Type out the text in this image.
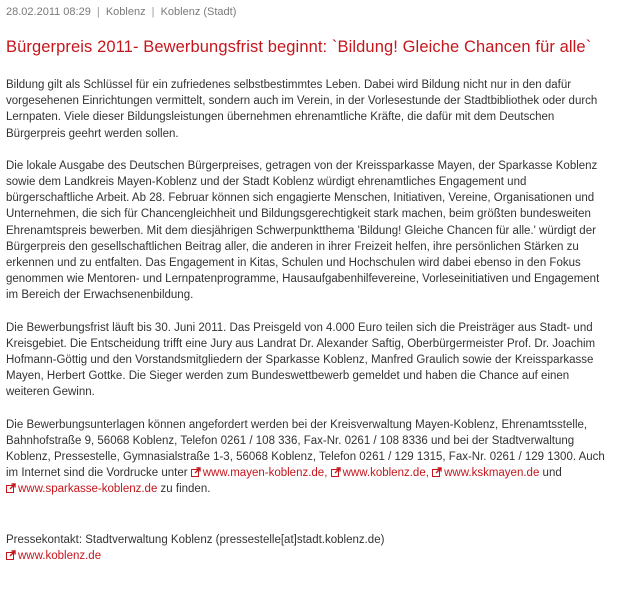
28.02.2011 08:29 | Koblenz | Koblenz (Stadt)
Bürgerpreis 2011- Bewerbungsfrist beginnt: `Bildung! Gleiche Chancen für alle`

Bildung gilt als Schlüssel für ein zufriedenes selbstbestimmtes Leben. Dabei wird Bildung nicht nur in den dafür vorgesehenen Einrichtungen vermittelt, sondern auch im Verein, in der Vorlesestunde der Stadtbibliothek oder durch Lernpaten. Viele dieser Bildungsleistungen übernehmen ehrenamtliche Kräfte, die dafür mit dem Deutschen Bürgerpreis geehrt werden sollen.

Die lokale Ausgabe des Deutschen Bürgerpreises, getragen von der Kreissparkasse Mayen, der Sparkasse Koblenz sowie dem Landkreis Mayen-Koblenz und der Stadt Koblenz würdigt ehrenamtliches Engagement und bürgerschaftliche Arbeit. Ab 28. Februar können sich engagierte Menschen, Initiativen, Vereine, Organisationen und Unternehmen, die sich für Chancengleichheit und Bildungsgerechtigkeit stark machen, beim größten bundesweiten Ehrenamtspreis bewerben. Mit dem diesjährigen Schwerpunktthema 'Bildung! Gleiche Chancen für alle.' würdigt der Bürgerpreis den gesellschaftlichen Beitrag aller, die anderen in ihrer Freizeit helfen, ihre persönlichen Stärken zu erkennen und zu entfalten. Das Engagement in Kitas, Schulen und Hochschulen wird dabei ebenso in den Fokus genommen wie Mentoren- und Lernpatenprogramme, Hausaufgabenhilfevereine, Vorleseinitiativen und Engagement im Bereich der Erwachsenenbildung.

Die Bewerbungsfrist läuft bis 30. Juni 2011. Das Preisgeld von 4.000 Euro teilen sich die Preisträger aus Stadt- und Kreisgebiet. Die Entscheidung trifft eine Jury aus Landrat Dr. Alexander Saftig, Oberbürgermeister Prof. Dr. Joachim Hofmann-Göttig und den Vorstandsmitgliedern der Sparkasse Koblenz, Manfred Graulich sowie der Kreissparkasse Mayen, Herbert Gottke. Die Sieger werden zum Bundeswettbewerb gemeldet und haben die Chance auf einen weiteren Gewinn.

Die Bewerbungsunterlagen können angefordert werden bei der Kreisverwaltung Mayen-Koblenz, Ehrenamtsstelle, Bahnhofstraße 9, 56068 Koblenz, Telefon 0261 / 108 336, Fax-Nr. 0261 / 108 8336 und bei der Stadtverwaltung Koblenz, Pressestelle, Gymnasialstraße 1-3, 56068 Koblenz, Telefon 0261 / 129 1315, Fax-Nr. 0261 / 129 1300. Auch im Internet sind die Vordrucke unter www.mayen-koblenz.de, www.koblenz.de, www.kskmayen.de und www.sparkasse-koblenz.de zu finden.

Pressekontakt: Stadtverwaltung Koblenz (pressestelle[at]stadt.koblenz.de)
www.koblenz.de
